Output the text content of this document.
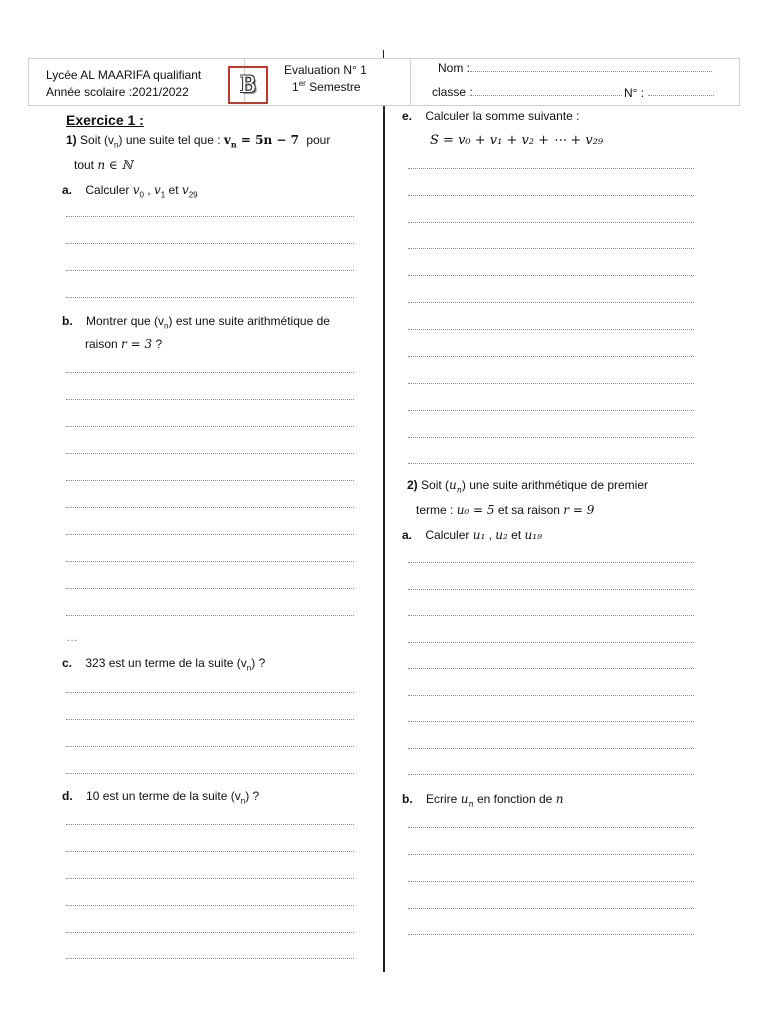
Lycée AL MAARIFA qualifiant
Année scolaire :2021/2022 B
Evaluation N° 1
1er Semestre
Nom :
classe :	N° :
Exercice 1 :
1) Soit $(v_n)$ une suite tel que : $v_n = 5n - 7$ pour
tout n ∈ ℕ
a. Calculer $v_0$ , $v_1$ et $v_{29}$
b. Montrer que $(v_n)$ est une suite arithmétique de
raison r = 3 ?
…
c. 323 est un terme de la suite $(v_n)$ ?
d. 10 est un terme de la suite $(v_n)$ ?
e. Calculer la somme suivante :
S = v₀ + v₁ + v₂ + ⋯ + v₂₉
2) Soit $(u_n)$ une suite arithmétique de premier
terme : u₀ = 5 et sa raison r = 9
a. Calculer u₁ , u₂ et u₁₉
b. Ecrire $u_n$ en fonction de n
